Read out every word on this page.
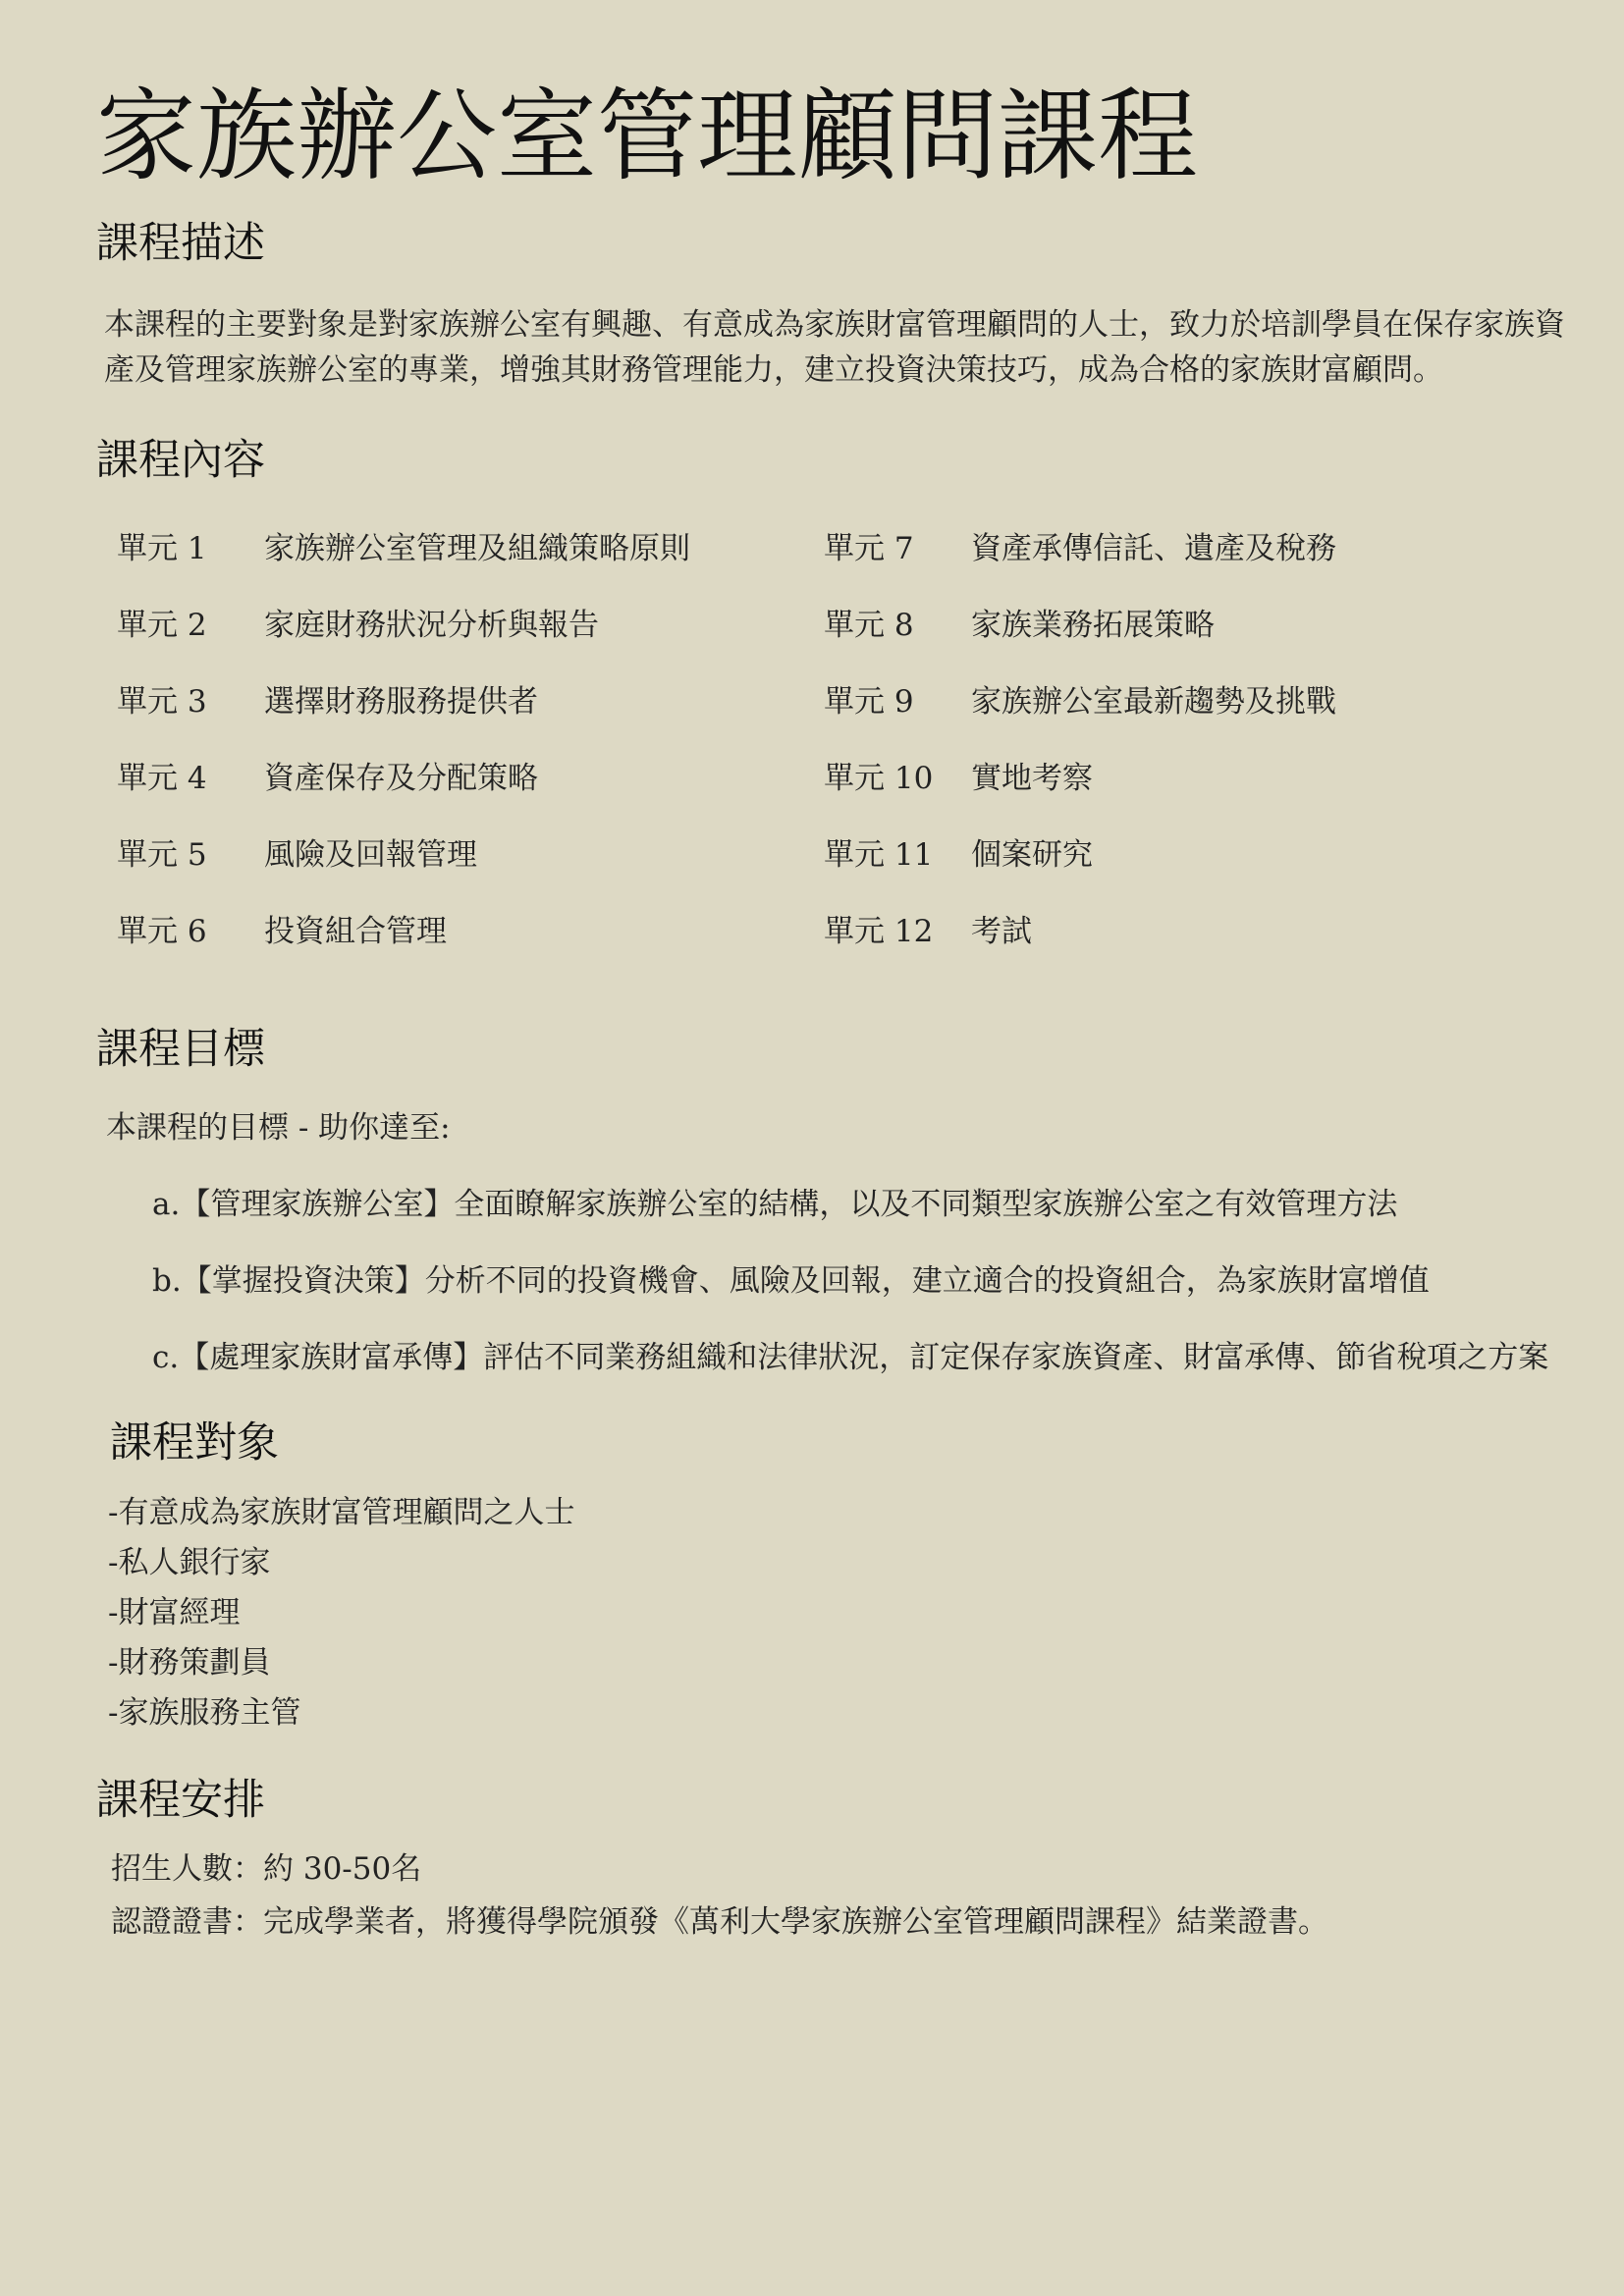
家族辦公室管理顧問課程
課程描述

本課程的主要對象是對家族辦公室有興趣、有意成為家族財富管理顧問的人士，致力於培訓學員在保存家族資產及管理家族辦公室的專業，增強其財務管理能力，建立投資決策技巧，成為合格的家族財富顧問。

課程內容
單元 1 家族辦公室管理及組織策略原則
單元 2 家庭財務狀況分析與報告
單元 3 選擇財務服務提供者
單元 4 資產保存及分配策略
單元 5 風險及回報管理
單元 6 投資組合管理
單元 7 資產承傳信託、遺產及稅務
單元 8 家族業務拓展策略
單元 9 家族辦公室最新趨勢及挑戰
單元 10 實地考察
單元 11 個案研究
單元 12 考試
課程目標
本課程的目標 - 助你達至:
a.【管理家族辦公室】全面瞭解家族辦公室的結構，以及不同類型家族辦公室之有效管理方法
b.【掌握投資決策】分析不同的投資機會、風險及回報，建立適合的投資組合，為家族財富增值
c.【處理家族財富承傳】評估不同業務組織和法律狀況，訂定保存家族資產、財富承傳、節省稅項之方案
課程對象
-有意成為家族財富管理顧問之人士
-私人銀行家
-財富經理
-財務策劃員
-家族服務主管
課程安排
招生人數：約 30-50名
認證證書：完成學業者，將獲得學院頒發《萬利大學家族辦公室管理顧問課程》結業證書。
